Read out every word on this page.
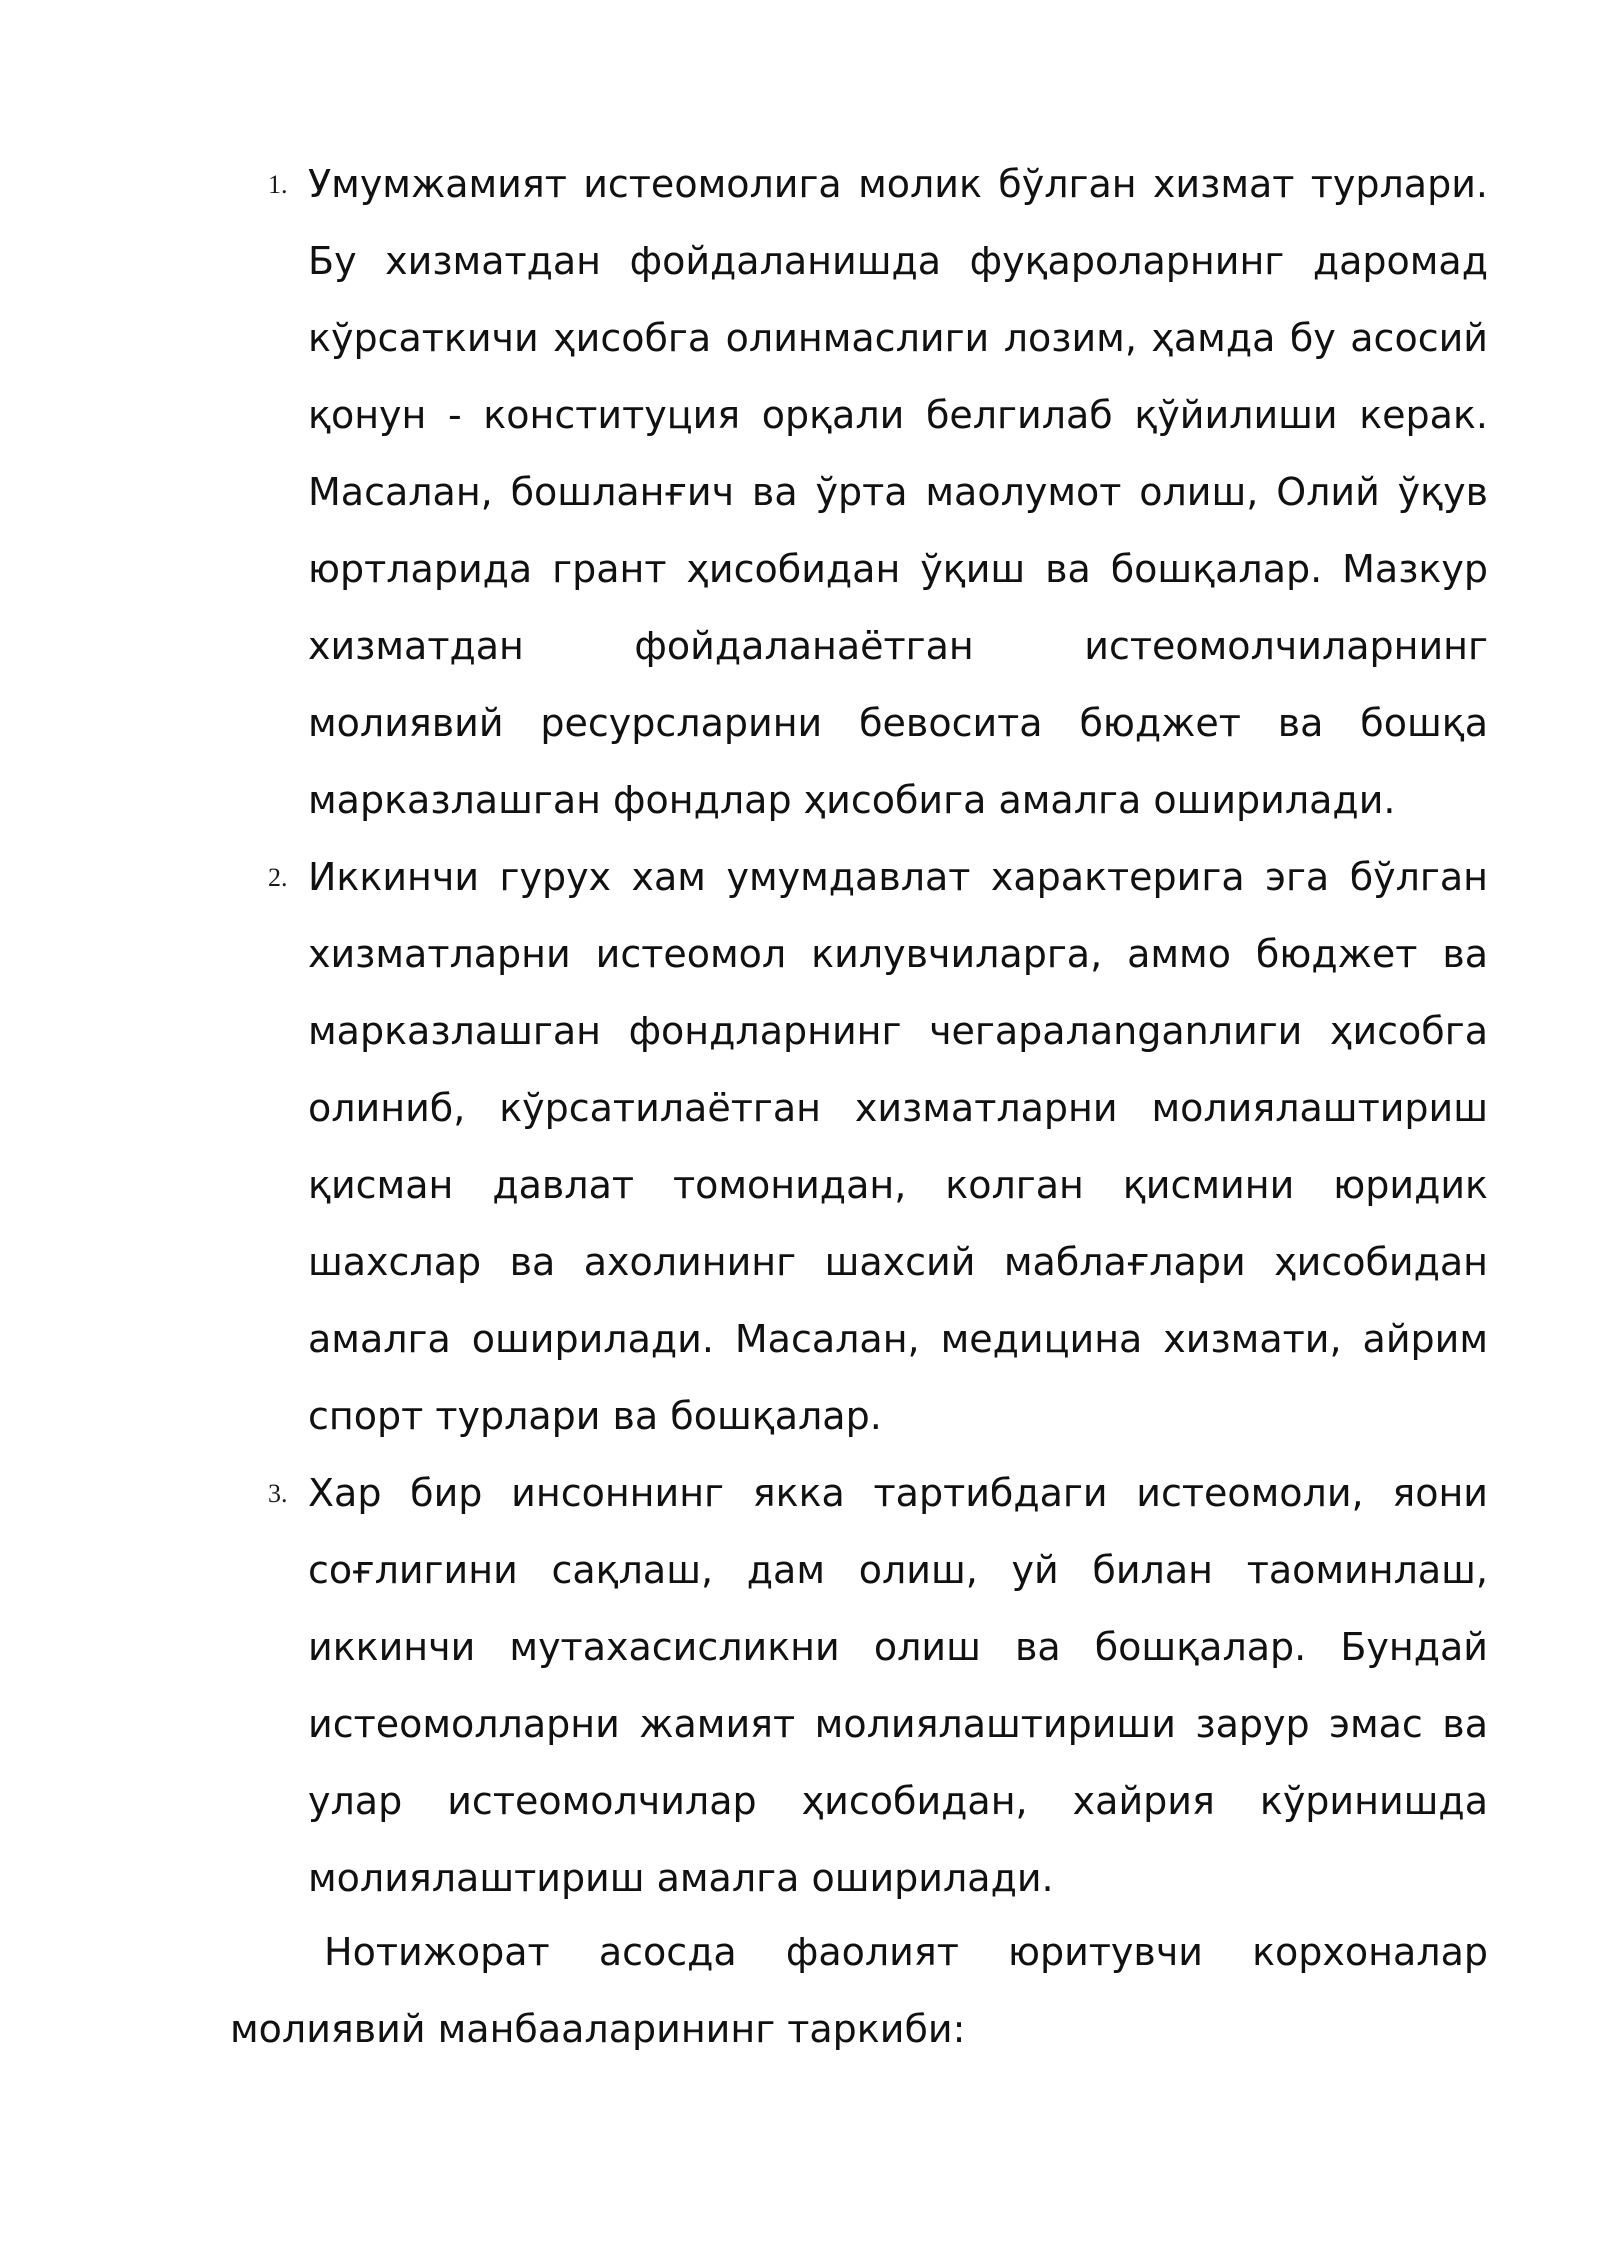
1. Умумжамият истеомолига молик бўлган хизмат турлари. Бу хизматдан фойдаланишда фуқароларнинг даромад кўрсаткичи ҳисобга олинмаслиги лозим, ҳамда бу асосий қонун - конституция орқали белгилаб қўйилиши керак. Масалан, бошланғич ва ўрта маолумот олиш, Олий ўқув юртларида грант ҳисобидан ўқиш ва бошқалар. Мазкур хизматдан фойдаланаётган истеомолчиларнинг молиявий ресурсларини бевосита бюджет ва бошқа марказлашган фондлар ҳисобига амалга оширилади.

2. Иккинчи гурух хам умумдавлат характерига эга бўлган хизматларни истеомол килувчиларга, аммо бюджет ва марказлашган фондларнинг чегаралanganлиги ҳисобга олиниб, кўрсатилаётган хизматларни молиялаштириш қисман давлат томонидан, колган қисмини юридик шахслар ва ахолининг шахсий маблағлари ҳисобидан амалга оширилади. Масалан, медицина хизмати, айрим спорт турлари ва бошқалар.

3. Хар бир инсоннинг якка тартибдаги истеомоли, яони соғлигини сақлаш, дам олиш, уй билан таоминлаш, иккинчи мутахасисликни олиш ва бошқалар. Бундай истеомолларни жамият молиялаштириши зарур эмас ва улар истеомолчилар ҳисобидан, хайрия кўринишда молиялаштириш амалга оширилади.

Нотижорат асосда фаолият юритувчи корхоналар молиявий манбааларининг таркиби:
